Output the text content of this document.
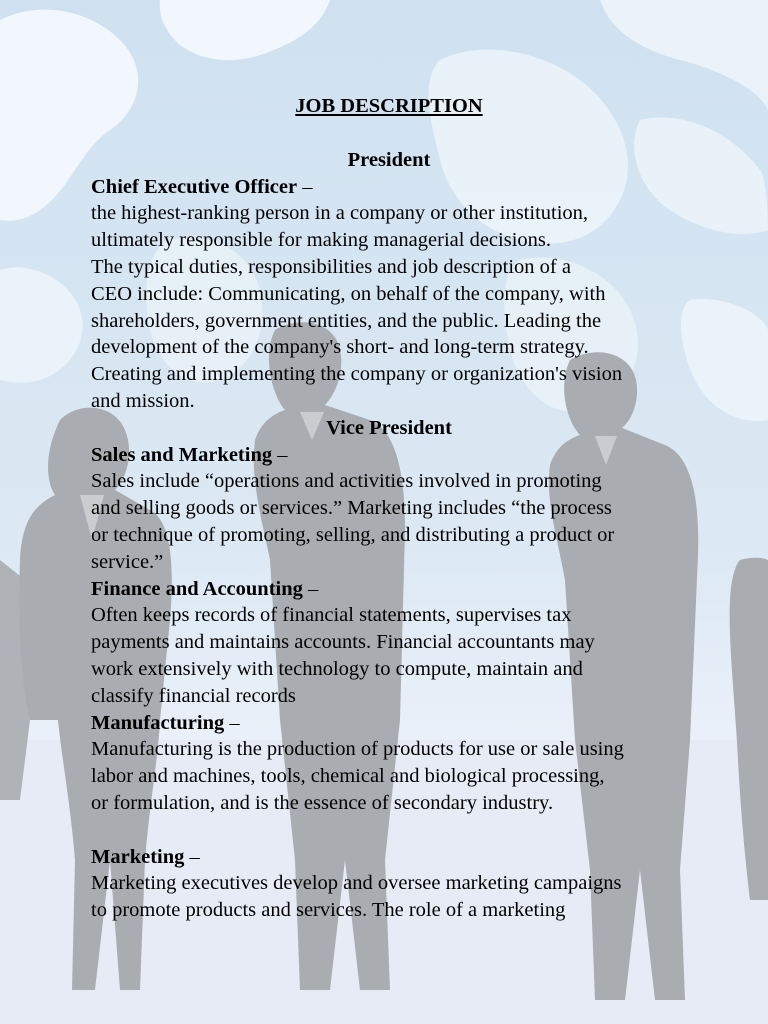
JOB DESCRIPTION
President
Chief Executive Officer –
the highest-ranking person in a company or other institution,
ultimately responsible for making managerial decisions.
The typical duties, responsibilities and job description of a
CEO include: Communicating, on behalf of the company, with
shareholders, government entities, and the public. Leading the
development of the company's short- and long-term strategy.
Creating and implementing the company or organization's vision
and mission.
Vice President
Sales and Marketing –
Sales include “operations and activities involved in promoting
and selling goods or services.” Marketing includes “the process
or technique of promoting, selling, and distributing a product or
service.”
Finance and Accounting –
Often keeps records of financial statements, supervises tax
payments and maintains accounts. Financial accountants may
work extensively with technology to compute, maintain and
classify financial records
Manufacturing –
Manufacturing is the production of products for use or sale using
labor and machines, tools, chemical and biological processing,
or formulation, and is the essence of secondary industry.
Marketing –
Marketing executives develop and oversee marketing campaigns
to promote products and services. The role of a marketing
